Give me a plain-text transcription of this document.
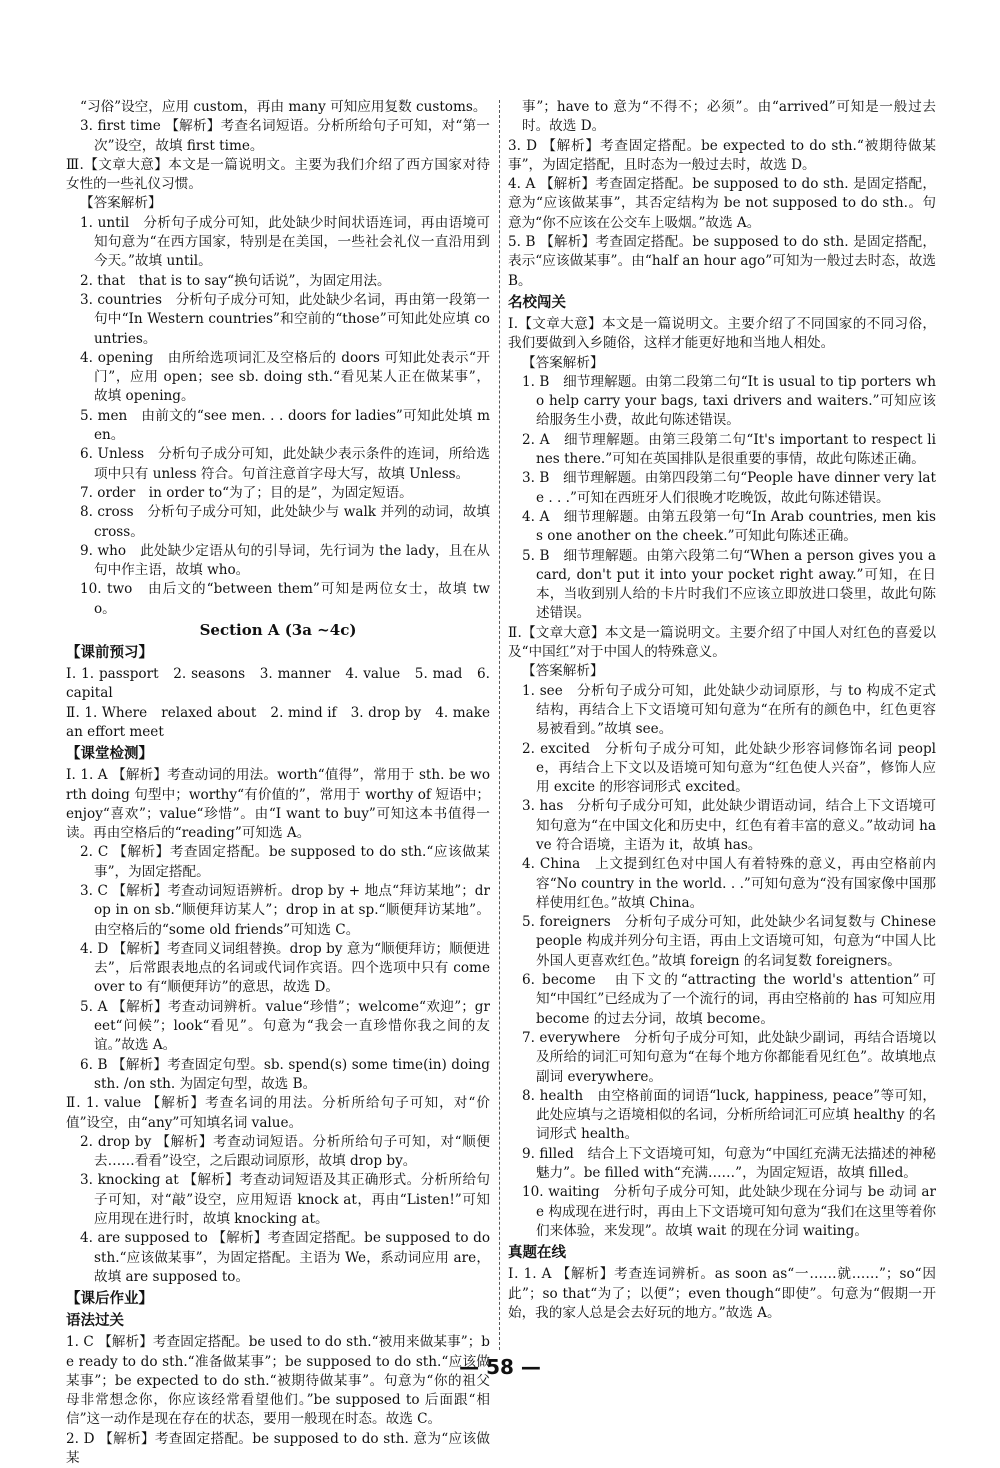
“习俗”设空，应用 custom，再由 many 可知应用复数 customs。

3. first time 【解析】考查名词短语。分析所给句子可知，对“第一次”设空，故填 first time。

Ⅲ.【文章大意】本文是一篇说明文。主要为我们介绍了西方国家对待女性的一些礼仪习惯。

【答案解析】

1. until　分析句子成分可知，此处缺少时间状语连词，再由语境可知句意为“在西方国家，特别是在美国，一些社会礼仪一直沿用到今天。”故填 until。

2. that　that is to say“换句话说”，为固定用法。

3. countries　分析句子成分可知，此处缺少名词，再由第一段第一句中“In Western countries”和空前的“those”可知此处应填 countries。

4. opening　由所给选项词汇及空格后的 doors 可知此处表示“开门”，应用 open；see sb. doing sth.“看见某人正在做某事”，故填 opening。

5. men　由前文的“see men. . . doors for ladies”可知此处填 men。

6. Unless　分析句子成分可知，此处缺少表示条件的连词，所给选项中只有 unless 符合。句首注意首字母大写，故填 Unless。

7. order　in order to“为了；目的是”，为固定短语。

8. cross　分析句子成分可知，此处缺少与 walk 并列的动词，故填 cross。

9. who　此处缺少定语从句的引导词，先行词为 the lady，且在从句中作主语，故填 who。

10. two　由后文的“between them”可知是两位女士，故填 two。

Section A (3a ~4c)

【课前预习】

Ⅰ. 1. passport　2. seasons　3. manner　4. value　5. mad　6. capital

Ⅱ. 1. Where　relaxed about　2. mind if　3. drop by　4. make an effort meet

【课堂检测】

Ⅰ. 1. A 【解析】考查动词的用法。worth“值得”，常用于 sth. be worth doing 句型中；worthy“有价值的”，常用于 worthy of 短语中；enjoy“喜欢”；value“珍惜”。由“I want to buy”可知这本书值得一读。再由空格后的“reading”可知选 A。

2. C 【解析】考查固定搭配。be supposed to do sth.“应该做某事”，为固定搭配。

3. C 【解析】考查动词短语辨析。drop by + 地点“拜访某地”；drop in on sb.“顺便拜访某人”；drop in at sp.“顺便拜访某地”。由空格后的“some old friends”可知选 C。

4. D 【解析】考查同义词组替换。drop by 意为“顺便拜访；顺便进去”，后常跟表地点的名词或代词作宾语。四个选项中只有 come over to 有“顺便拜访”的意思，故选 D。

5. A 【解析】考查动词辨析。value“珍惜”；welcome“欢迎”；greet“问候”；look“看见”。句意为“我会一直珍惜你我之间的友谊。”故选 A。

6. B 【解析】考查固定句型。sb. spend(s) some time(in) doing sth. /on sth. 为固定句型，故选 B。

Ⅱ. 1. value 【解析】考查名词的用法。分析所给句子可知，对“价值”设空，由“any”可知填名词 value。

2. drop by 【解析】考查动词短语。分析所给句子可知，对“顺便去……看看”设空，之后跟动词原形，故填 drop by。

3. knocking at 【解析】考查动词短语及其正确形式。分析所给句子可知，对“敲”设空，应用短语 knock at，再由“Listen!”可知应用现在进行时，故填 knocking at。

4. are supposed to 【解析】考查固定搭配。be supposed to do sth.“应该做某事”，为固定搭配。主语为 We，系动词应用 are，故填 are supposed to。

【课后作业】

语法过关

1. C 【解析】考查固定搭配。be used to do sth.“被用来做某事”；be ready to do sth.“准备做某事”；be supposed to do sth.“应该做某事”；be expected to do sth.“被期待做某事”。句意为“你的祖父母非常想念你，你应该经常看望他们。”be supposed to 后面跟“相信”这一动作是现在存在的状态，要用一般现在时态。故选 C。

2. D 【解析】考查固定搭配。be supposed to do sth. 意为“应该做某

事”；have to 意为“不得不；必须”。由“arrived”可知是一般过去时。故选 D。

3. D 【解析】考查固定搭配。be expected to do sth.“被期待做某事”，为固定搭配，且时态为一般过去时，故选 D。

4. A 【解析】考查固定搭配。be supposed to do sth. 是固定搭配，意为“应该做某事”，其否定结构为 be not supposed to do sth.。句意为“你不应该在公交车上吸烟。”故选 A。

5. B 【解析】考查固定搭配。be supposed to do sth. 是固定搭配，表示“应该做某事”。由“half an hour ago”可知为一般过去时态，故选 B。

名校闯关

Ⅰ.【文章大意】本文是一篇说明文。主要介绍了不同国家的不同习俗，我们要做到入乡随俗，这样才能更好地和当地人相处。

【答案解析】

1. B　细节理解题。由第二段第二句“It is usual to tip porters who help carry your bags, taxi drivers and waiters.”可知应该给服务生小费，故此句陈述错误。

2. A　细节理解题。由第三段第二句“It's important to respect lines there.”可知在英国排队是很重要的事情，故此句陈述正确。

3. B　细节理解题。由第四段第二句“People have dinner very late . . .”可知在西班牙人们很晚才吃晚饭，故此句陈述错误。

4. A　细节理解题。由第五段第一句“In Arab countries, men kiss one another on the cheek.”可知此句陈述正确。

5. B　细节理解题。由第六段第二句“When a person gives you a card, don't put it into your pocket right away.”可知，在日本，当收到别人给的卡片时我们不应该立即放进口袋里，故此句陈述错误。

Ⅱ.【文章大意】本文是一篇说明文。主要介绍了中国人对红色的喜爱以及“中国红”对于中国人的特殊意义。

【答案解析】

1. see　分析句子成分可知，此处缺少动词原形，与 to 构成不定式结构，再结合上下文语境可知句意为“在所有的颜色中，红色更容易被看到。”故填 see。

2. excited　分析句子成分可知，此处缺少形容词修饰名词 people，再结合上下文以及语境可知句意为“红色使人兴奋”，修饰人应用 excite 的形容词形式 excited。

3. has　分析句子成分可知，此处缺少谓语动词，结合上下文语境可知句意为“在中国文化和历史中，红色有着丰富的意义。”故动词 have 符合语境，主语为 it，故填 has。

4. China　上文提到红色对中国人有着特殊的意义，再由空格前内容“No country in the world. . .”可知句意为“没有国家像中国那样使用红色。”故填 China。

5. foreigners　分析句子成分可知，此处缺少名词复数与 Chinese people 构成并列分句主语，再由上文语境可知，句意为“中国人比外国人更喜欢红色。”故填 foreign 的名词复数 foreigners。

6. become　由下文的“attracting the world's attention”可知“中国红”已经成为了一个流行的词，再由空格前的 has 可知应用 become 的过去分词，故填 become。

7. everywhere　分析句子成分可知，此处缺少副词，再结合语境以及所给的词汇可知句意为“在每个地方你都能看见红色”。故填地点副词 everywhere。

8. health　由空格前面的词语“luck, happiness, peace”等可知，此处应填与之语境相似的名词，分析所给词汇可应填 healthy 的名词形式 health。

9. filled　结合上下文语境可知，句意为“中国红充满无法描述的神秘魅力”。be filled with“充满……”，为固定短语，故填 filled。

10. waiting　分析句子成分可知，此处缺少现在分词与 be 动词 are 构成现在进行时，再由上下文语境可知句意为“我们在这里等着你们来体验，来发现”。故填 wait 的现在分词 waiting。

真题在线

Ⅰ. 1. A 【解析】考查连词辨析。as soon as“一……就……”；so“因此”；so that“为了；以便”；even though“即使”。句意为“假期一开始，我的家人总是会去好玩的地方。”故选 A。

— 58 —
